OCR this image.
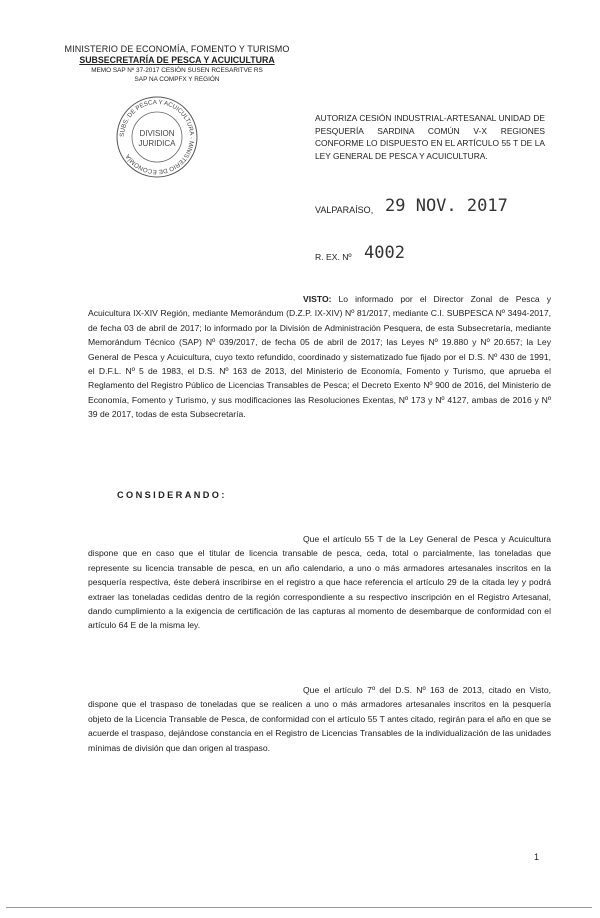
MINISTERIO DE ECONOMÍA, FOMENTO Y TURISMO
SUBSECRETARÍA DE PESCA Y ACUICULTURA
MEMO SAP Nº 37-2017 CESIÓN SUSEN RCESARITVE RS
SAP NA COMPFX Y REGIÓN
SUBS. DE PESCA Y ACUICULTURA · MINISTERIO DE ECONOMÍA
DIVISION
JURIDICA
AUTORIZA CESIÓN INDUSTRIAL-ARTESANAL UNIDAD DE PESQUERÍA SARDINA COMÚN V-X REGIONES CONFORME LO DISPUESTO EN EL ARTÍCULO 55 T DE LA LEY GENERAL DE PESCA Y ACUICULTURA.
VALPARAÍSO, 29 NOV. 2017
R. EX. Nº 4002
VISTO: Lo informado por el Director Zonal de Pesca y Acuicultura IX-XIV Región, mediante Memorándum (D.Z.P. IX-XIV) Nº 81/2017, mediante C.I. SUBPESCA Nº 3494-2017, de fecha 03 de abril de 2017; lo informado por la División de Administración Pesquera, de esta Subsecretaría, mediante Memorándum Técnico (SAP) Nº 039/2017, de fecha 05 de abril de 2017; las Leyes Nº 19.880 y Nº 20.657; la Ley General de Pesca y Acuicultura, cuyo texto refundido, coordinado y sistematizado fue fijado por el D.S. Nº 430 de 1991, el D.F.L. Nº 5 de 1983, el D.S. Nº 163 de 2013, del Ministerio de Economía, Fomento y Turismo, que aprueba el Reglamento del Registro Público de Licencias Transables de Pesca; el Decreto Exento Nº 900 de 2016, del Ministerio de Economía, Fomento y Turismo, y sus modificaciones las Resoluciones Exentas, Nº 173 y Nº 4127, ambas de 2016 y Nº 39 de 2017, todas de esta Subsecretaría.
CONSIDERANDO:
Que el artículo 55 T de la Ley General de Pesca y Acuicultura dispone que en caso que el titular de licencia transable de pesca, ceda, total o parcialmente, las toneladas que represente su licencia transable de pesca, en un año calendario, a uno o más armadores artesanales inscritos en la pesquería respectiva, éste deberá inscribirse en el registro a que hace referencia el artículo 29 de la citada ley y podrá extraer las toneladas cedidas dentro de la región correspondiente a su respectivo inscripción en el Registro Artesanal, dando cumplimiento a la exigencia de certificación de las capturas al momento de desembarque de conformidad con el artículo 64 E de la misma ley.
Que el artículo 7º del D.S. Nº 163 de 2013, citado en Visto, dispone que el traspaso de toneladas que se realicen a uno o más armadores artesanales inscritos en la pesquería objeto de la Licencia Transable de Pesca, de conformidad con el artículo 55 T antes citado, regirán para el año en que se acuerde el traspaso, dejándose constancia en el Registro de Licencias Transables de la individualización de las unidades mínimas de división que dan origen al traspaso.
1
